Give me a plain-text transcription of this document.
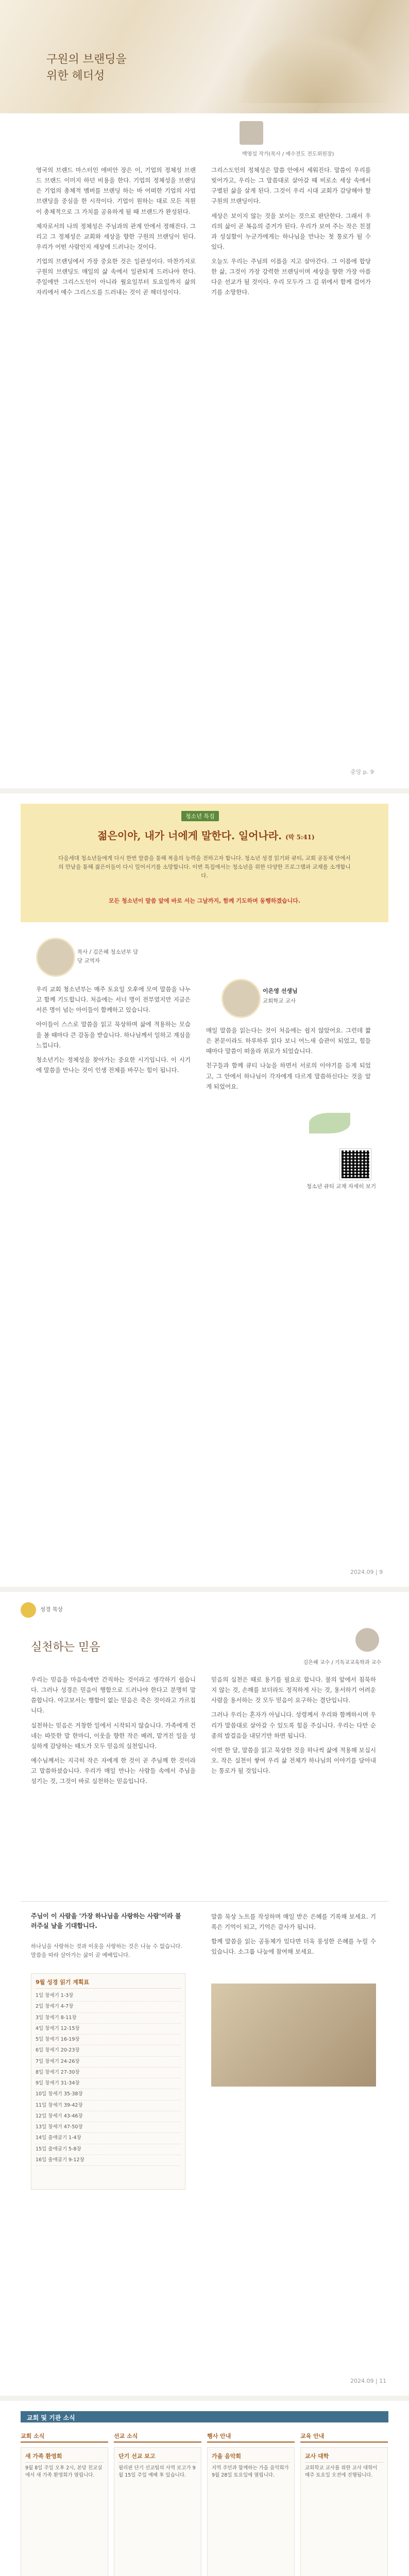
구원의 브랜딩을 위한 헤더성
백영섭 작가(목사 / 예수전도 전도위원장)

영국의 브랜드 마스터인 에비안 장은 이, 기업의 정체성 브랜드 브랜드 이미지 하던 비용을 한다. 기업의 정체성을 브랜딩은 기업의 총체적 멤버를 브랜딩 하는 바 어떠한 기업의 사업 브랜딩을 중심을 한 시작이다. 기업이 원하는 대로 모든 직원이 총체적으로 그 가치를 공유하게 될 때 브랜드가 완성된다.

제자로서의 나의 정체성은 주님과의 관계 안에서 정해진다. 그리고 그 정체성은 교회와 세상을 향한 구원의 브랜딩이 된다. 우리가 어떤 사람인지 세상에 드러나는 것이다.

기업의 브랜딩에서 가장 중요한 것은 일관성이다. 마찬가지로 구원의 브랜딩도 매일의 삶 속에서 일관되게 드러나야 한다. 주일에만 그리스도인이 아니라 월요일부터 토요일까지 삶의 자리에서 예수 그리스도를 드러내는 것이 곧 헤더성이다.

그리스도인의 정체성은 말씀 안에서 세워진다. 말씀이 우리를 빚어가고, 우리는 그 말씀대로 살아갈 때 비로소 세상 속에서 구별된 삶을 살게 된다. 그것이 우리 시대 교회가 감당해야 할 구원의 브랜딩이다.

세상은 보이지 않는 것을 보이는 것으로 판단한다. 그래서 우리의 삶이 곧 복음의 증거가 된다. 우리가 보여 주는 작은 친절과 성실함이 누군가에게는 하나님을 만나는 첫 통로가 될 수 있다.

오늘도 우리는 주님의 이름을 지고 살아간다. 그 이름에 합당한 삶, 그것이 가장 강력한 브랜딩이며 세상을 향한 가장 아름다운 선교가 될 것이다. 우리 모두가 그 길 위에서 함께 걸어가기를 소망한다.

중앙 p. 9
청소년 특집
젊은이야, 내가 너에게 말한다. 일어나라. (막 5:41)
다음세대 청소년들에게 다시 한번 말씀을 통해 복음의 능력을 전하고자 합니다. 청소년 성경 읽기와 큐티, 교회 공동체 안에서의 만남을 통해 젊은이들이 다시 일어서기를 소망합니다. 이번 특집에서는 청소년을 위한 다양한 프로그램과 교재를 소개합니다.
모든 청소년이 말씀 앞에 바로 서는 그날까지, 함께 기도하며 동행하겠습니다.
목사 / 김은혜 청소년부 담당 교역자

우리 교회 청소년부는 매주 토요일 오후에 모여 말씀을 나누고 함께 기도합니다. 처음에는 서너 명이 전부였지만 지금은 서른 명이 넘는 아이들이 함께하고 있습니다.

아이들이 스스로 말씀을 읽고 묵상하며 삶에 적용하는 모습을 볼 때마다 큰 감동을 받습니다. 하나님께서 일하고 계심을 느낍니다.

청소년기는 정체성을 찾아가는 중요한 시기입니다. 이 시기에 말씀을 만나는 것이 인생 전체를 바꾸는 힘이 됩니다.

이은영 선생님
교회학교 교사

매일 말씀을 읽는다는 것이 처음에는 쉽지 않았어요. 그런데 짧은 본문이라도 하루하루 읽다 보니 어느새 습관이 되었고, 힘들 때마다 말씀이 떠올라 위로가 되었습니다.

친구들과 함께 큐티 나눔을 하면서 서로의 이야기를 듣게 되었고, 그 안에서 하나님이 각자에게 다르게 말씀하신다는 것을 알게 되었어요.

청소년 큐티 교재 자세히 보기
2024.09 | 9
성경 묵상
실천하는 믿음
김은혜 교수 / 기독교교육학과 교수

우리는 믿음을 마음속에만 간직하는 것이라고 생각하기 쉽습니다. 그러나 성경은 믿음이 행함으로 드러나야 한다고 분명히 말씀합니다. 야고보서는 행함이 없는 믿음은 죽은 것이라고 가르칩니다.

실천하는 믿음은 거창한 일에서 시작되지 않습니다. 가족에게 건네는 따뜻한 말 한마디, 이웃을 향한 작은 배려, 맡겨진 일을 성실하게 감당하는 태도가 모두 믿음의 실천입니다.

예수님께서는 지극히 작은 자에게 한 것이 곧 주님께 한 것이라고 말씀하셨습니다. 우리가 매일 만나는 사람들 속에서 주님을 섬기는 것, 그것이 바로 실천하는 믿음입니다.

믿음의 실천은 때로 용기를 필요로 합니다. 불의 앞에서 침묵하지 않는 것, 손해를 보더라도 정직하게 사는 것, 용서하기 어려운 사람을 용서하는 것 모두 믿음이 요구하는 결단입니다.

그러나 우리는 혼자가 아닙니다. 성령께서 우리와 함께하시며 우리가 말씀대로 살아갈 수 있도록 힘을 주십니다. 우리는 다만 순종의 발걸음을 내딛기만 하면 됩니다.

이번 한 달, 말씀을 읽고 묵상한 것을 하나씩 삶에 적용해 보십시오. 작은 실천이 쌓여 우리 삶 전체가 하나님의 이야기를 담아내는 통로가 될 것입니다.

주님이 이 사람을 '가장 하나님을 사랑하는 사람'이라 불러주실 날을 기대합니다.
하나님을 사랑하는 것과 이웃을 사랑하는 것은 나눌 수 없습니다. 말씀을 따라 살아가는 삶이 곧 예배입니다.
9월 성경 읽기 계획표
1일 창세기 1-3장
2일 창세기 4-7장
3일 창세기 8-11장
4일 창세기 12-15장
5일 창세기 16-19장
6일 창세기 20-23장
7일 창세기 24-26장
8일 창세기 27-30장
9일 창세기 31-34장
10일 창세기 35-38장
11일 창세기 39-42장
12일 창세기 43-46장
13일 창세기 47-50장
14일 출애굽기 1-4장
15일 출애굽기 5-8장
16일 출애굽기 9-12장

말씀 묵상 노트를 작성하며 매일 받은 은혜를 기록해 보세요. 기록은 기억이 되고, 기억은 감사가 됩니다.

함께 말씀을 읽는 공동체가 있다면 더욱 풍성한 은혜를 누릴 수 있습니다. 소그룹 나눔에 참여해 보세요.

2024.09 | 11
교회 및 기관 소식
교회 소식
새 가족 환영회
9월 8일 주일 오후 2시, 본당 친교실에서 새 가족 환영회가 열립니다.
선교 소식
단기 선교 보고
필리핀 단기 선교팀의 사역 보고가 9월 15일 주일 예배 후 있습니다.
행사 안내
가을 음악회
지역 주민과 함께하는 가을 음악회가 9월 28일 토요일에 열립니다.
교육 안내
교사 대학
교회학교 교사를 위한 교사 대학이 매주 토요일 오전에 진행됩니다.
